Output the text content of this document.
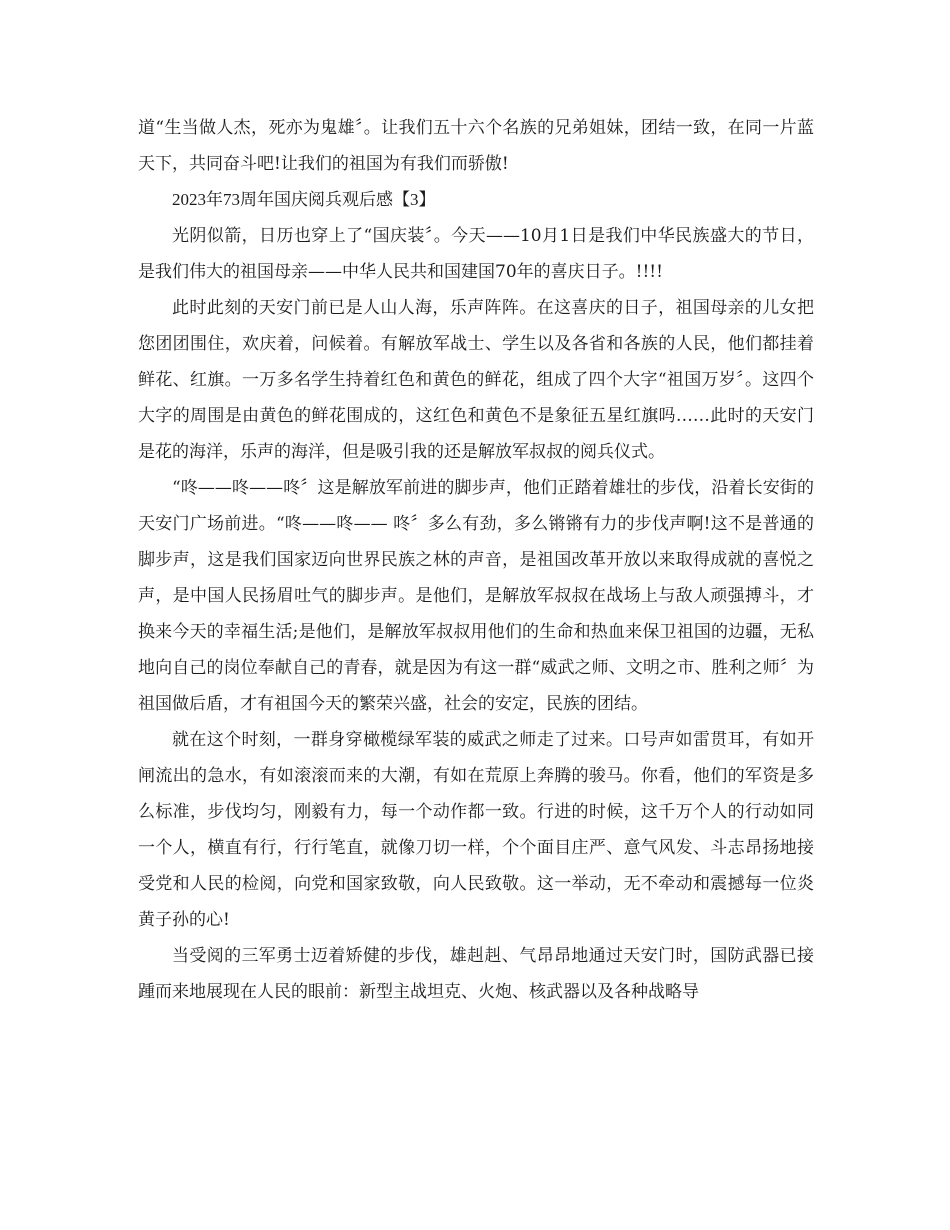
道“生当做人杰，死亦为鬼雄〞。让我们五十六个名族的兄弟姐妹，团结一致，在同一片蓝天下，共同奋斗吧!让我们的祖国为有我们而骄傲!

2023年73周年国庆阅兵观后感【3】

光阴似箭，日历也穿上了“国庆装〞。今天——10月1日是我们中华民族盛大的节日，是我们伟大的祖国母亲——中华人民共和国建国70年的喜庆日子。!!!!

此时此刻的天安门前已是人山人海，乐声阵阵。在这喜庆的日子，祖国母亲的儿女把您团团围住，欢庆着，问候着。有解放军战士、学生以及各省和各族的人民，他们都挂着鲜花、红旗。一万多名学生持着红色和黄色的鲜花，组成了四个大字“祖国万岁〞。这四个大字的周围是由黄色的鲜花围成的，这红色和黄色不是象征五星红旗吗……此时的天安门是花的海洋，乐声的海洋，但是吸引我的还是解放军叔叔的阅兵仪式。

“咚——咚——咚〞这是解放军前进的脚步声，他们正踏着雄壮的步伐，沿着长安街的天安门广场前进。“咚——咚—— 咚〞多么有劲，多么锵锵有力的步伐声啊!这不是普通的脚步声，这是我们国家迈向世界民族之林的声音，是祖国改革开放以来取得成就的喜悦之声，是中国人民扬眉吐气的脚步声。是他们，是解放军叔叔在战场上与敌人顽强搏斗，才换来今天的幸福生活;是他们，是解放军叔叔用他们的生命和热血来保卫祖国的边疆，无私地向自己的岗位奉献自己的青春，就是因为有这一群“威武之师、文明之市、胜利之师〞为祖国做后盾，才有祖国今天的繁荣兴盛，社会的安定，民族的团结。

就在这个时刻，一群身穿橄榄绿军装的威武之师走了过来。口号声如雷贯耳，有如开闸流出的急水，有如滚滚而来的大潮，有如在荒原上奔腾的骏马。你看，他们的军资是多么标准，步伐均匀，刚毅有力，每一个动作都一致。行进的时候，这千万个人的行动如同一个人，横直有行，行行笔直，就像刀切一样，个个面目庄严、意气风发、斗志昂扬地接受党和人民的检阅，向党和国家致敬，向人民致敬。这一举动，无不牵动和震撼每一位炎黄子孙的心!

当受阅的三军勇士迈着矫健的步伐，雄赳赳、气昂昂地通过天安门时，国防武器已接踵而来地展现在人民的眼前：新型主战坦克、火炮、核武器以及各种战略导
